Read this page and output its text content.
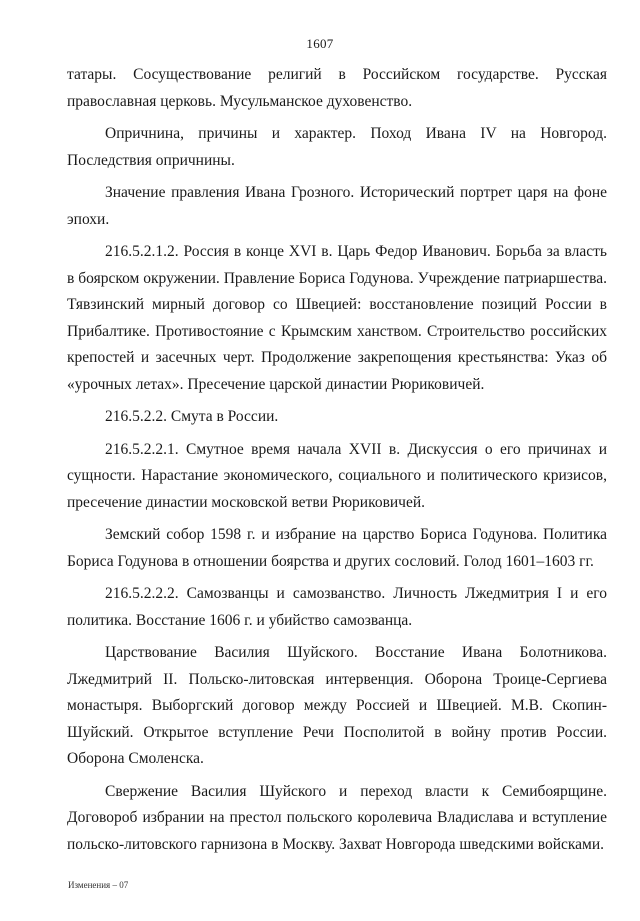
1607

татары. Сосуществование религий в Российском государстве. Русская православная церковь. Мусульманское духовенство.

Опричнина, причины и характер. Поход Ивана IV на Новгород. Последствия опричнины.

Значение правления Ивана Грозного. Исторический портрет царя на фоне эпохи.

216.5.2.1.2. Россия в конце XVI в. Царь Федор Иванович. Борьба за власть в боярском окружении. Правление Бориса Годунова. Учреждение патриаршества. Тявзинский мирный договор со Швецией: восстановление позиций России в Прибалтике. Противостояние с Крымским ханством. Строительство российских крепостей и засечных черт. Продолжение закрепощения крестьянства: Указ об «урочных летах». Пресечение царской династии Рюриковичей.

216.5.2.2. Смута в России.

216.5.2.2.1. Смутное время начала XVII в. Дискуссия о его причинах и сущности. Нарастание экономического, социального и политического кризисов, пресечение династии московской ветви Рюриковичей.

Земский собор 1598 г. и избрание на царство Бориса Годунова. Политика Бориса Годунова в отношении боярства и других сословий. Голод 1601–1603 гг.

216.5.2.2.2. Самозванцы и самозванство. Личность Лжедмитрия I и его политика. Восстание 1606 г. и убийство самозванца.

Царствование Василия Шуйского. Восстание Ивана Болотникова. Лжедмитрий II. Польско-литовская интервенция. Оборона Троице-Сергиева монастыря. Выборгский договор между Россией и Швецией. М.В. Скопин-Шуйский. Открытое вступление Речи Посполитой в войну против России. Оборона Смоленска.

Свержение Василия Шуйского и переход власти к Семибоярщине. Договороб избрании на престол польского королевича Владислава и вступление польско-литовского гарнизона в Москву. Захват Новгорода шведскими войсками.

Изменения – 07
